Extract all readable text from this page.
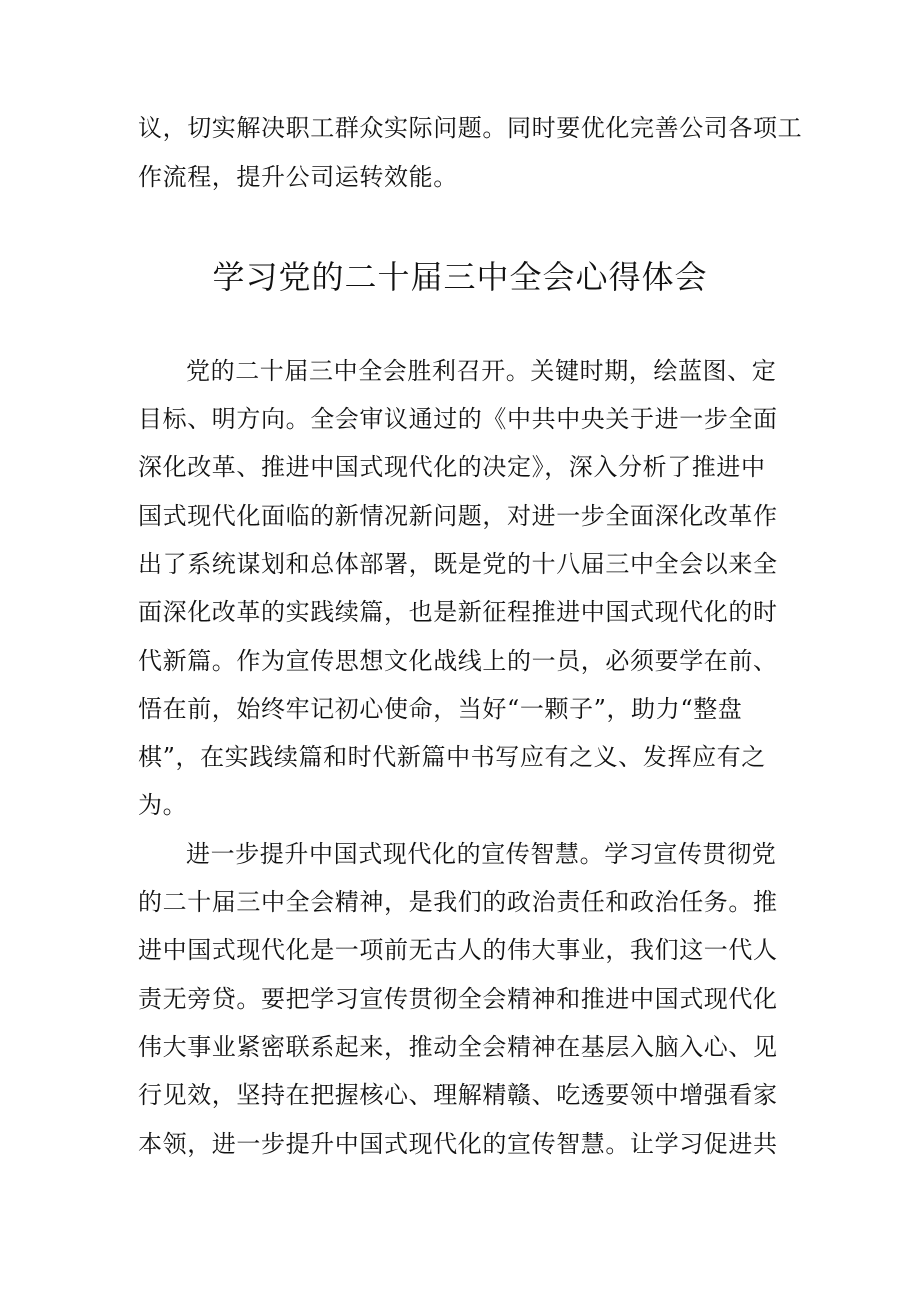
议，切实解决职工群众实际问题。同时要优化完善公司各项工
作流程，提升公司运转效能。
学习党的二十届三中全会心得体会
党的二十届三中全会胜利召开。关键时期，绘蓝图、定
目标、明方向。全会审议通过的《中共中央关于进一步全面
深化改革、推进中国式现代化的决定》，深入分析了推进中
国式现代化面临的新情况新问题，对进一步全面深化改革作
出了系统谋划和总体部署，既是党的十八届三中全会以来全
面深化改革的实践续篇，也是新征程推进中国式现代化的时
代新篇。作为宣传思想文化战线上的一员，必须要学在前、
悟在前，始终牢记初心使命，当好“一颗子”，助力“整盘
棋”，在实践续篇和时代新篇中书写应有之义、发挥应有之
为。
进一步提升中国式现代化的宣传智慧。学习宣传贯彻党
的二十届三中全会精神，是我们的政治责任和政治任务。推
进中国式现代化是一项前无古人的伟大事业，我们这一代人
责无旁贷。要把学习宣传贯彻全会精神和推进中国式现代化
伟大事业紧密联系起来，推动全会精神在基层入脑入心、见
行见效，坚持在把握核心、理解精赣、吃透要领中增强看家
本领，进一步提升中国式现代化的宣传智慧。让学习促进共
